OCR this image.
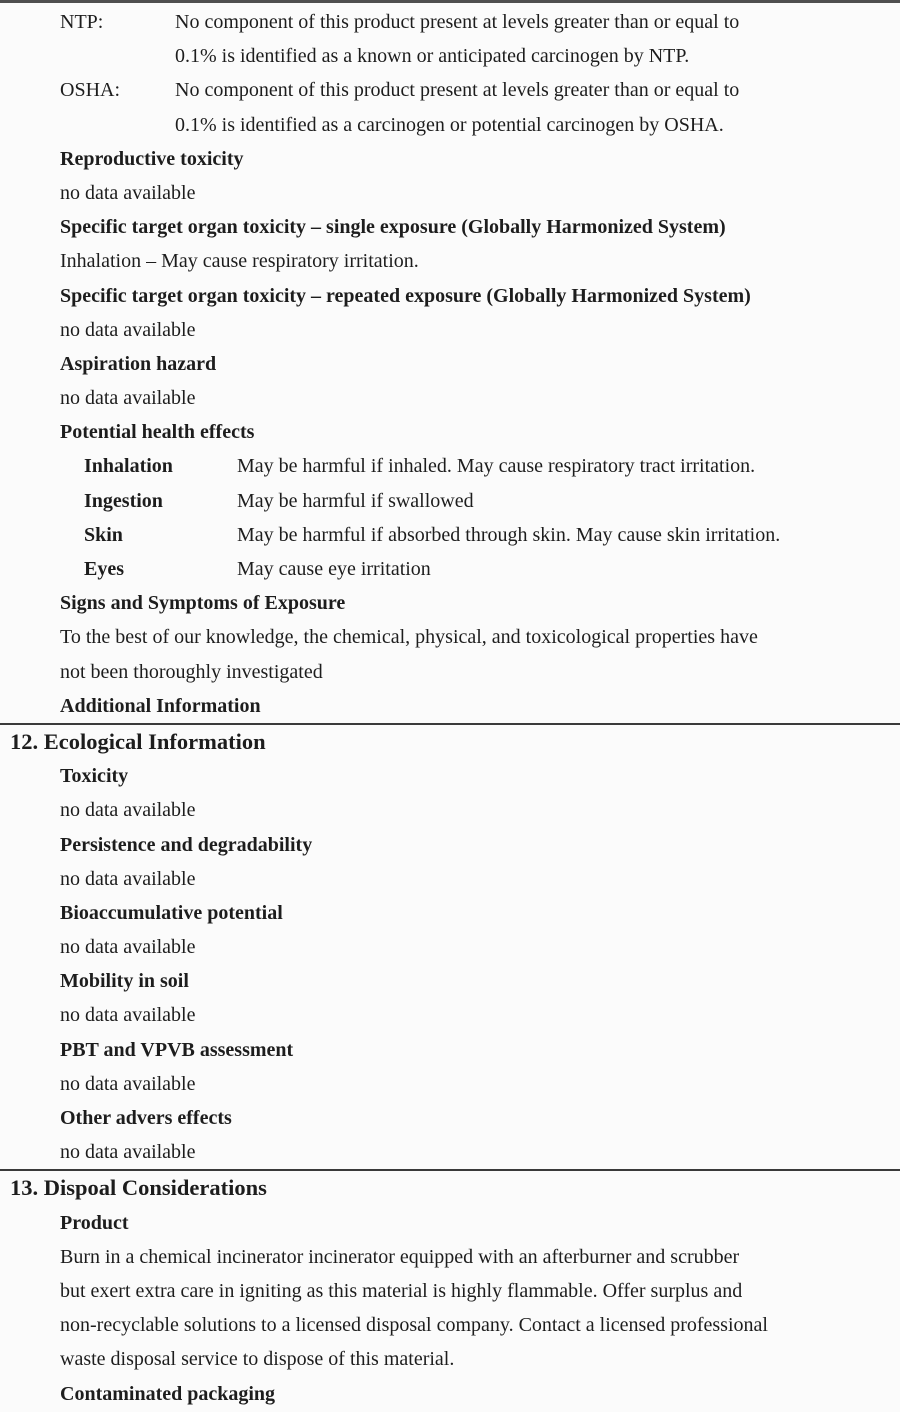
NTP:	No component of this product present at levels greater than or equal to
0.1% is identified as a known or anticipated carcinogen by NTP.
OSHA:	No component of this product present at levels greater than or equal to
0.1% is identified as a carcinogen or potential carcinogen by OSHA.
Reproductive toxicity
no data available
Specific target organ toxicity – single exposure (Globally Harmonized System)
Inhalation – May cause respiratory irritation.
Specific target organ toxicity – repeated exposure (Globally Harmonized System)
no data available
Aspiration hazard
no data available
Potential health effects
Inhalation	May be harmful if inhaled. May cause respiratory tract irritation.
Ingestion	May be harmful if swallowed
Skin	May be harmful if absorbed through skin. May cause skin irritation.
Eyes	May cause eye irritation
Signs and Symptoms of Exposure
To the best of our knowledge, the chemical, physical, and toxicological properties have
not been thoroughly investigated
Additional Information
12. Ecological Information
Toxicity
no data available
Persistence and degradability
no data available
Bioaccumulative potential
no data available
Mobility in soil
no data available
PBT and VPVB assessment
no data available
Other advers effects
no data available
13. Dispoal Considerations
Product
Burn in a chemical incinerator incinerator equipped with an afterburner and scrubber
but exert extra care in igniting as this material is highly flammable. Offer surplus and
non-recyclable solutions to a licensed disposal company. Contact a licensed professional
waste disposal service to dispose of this material.
Contaminated packaging
